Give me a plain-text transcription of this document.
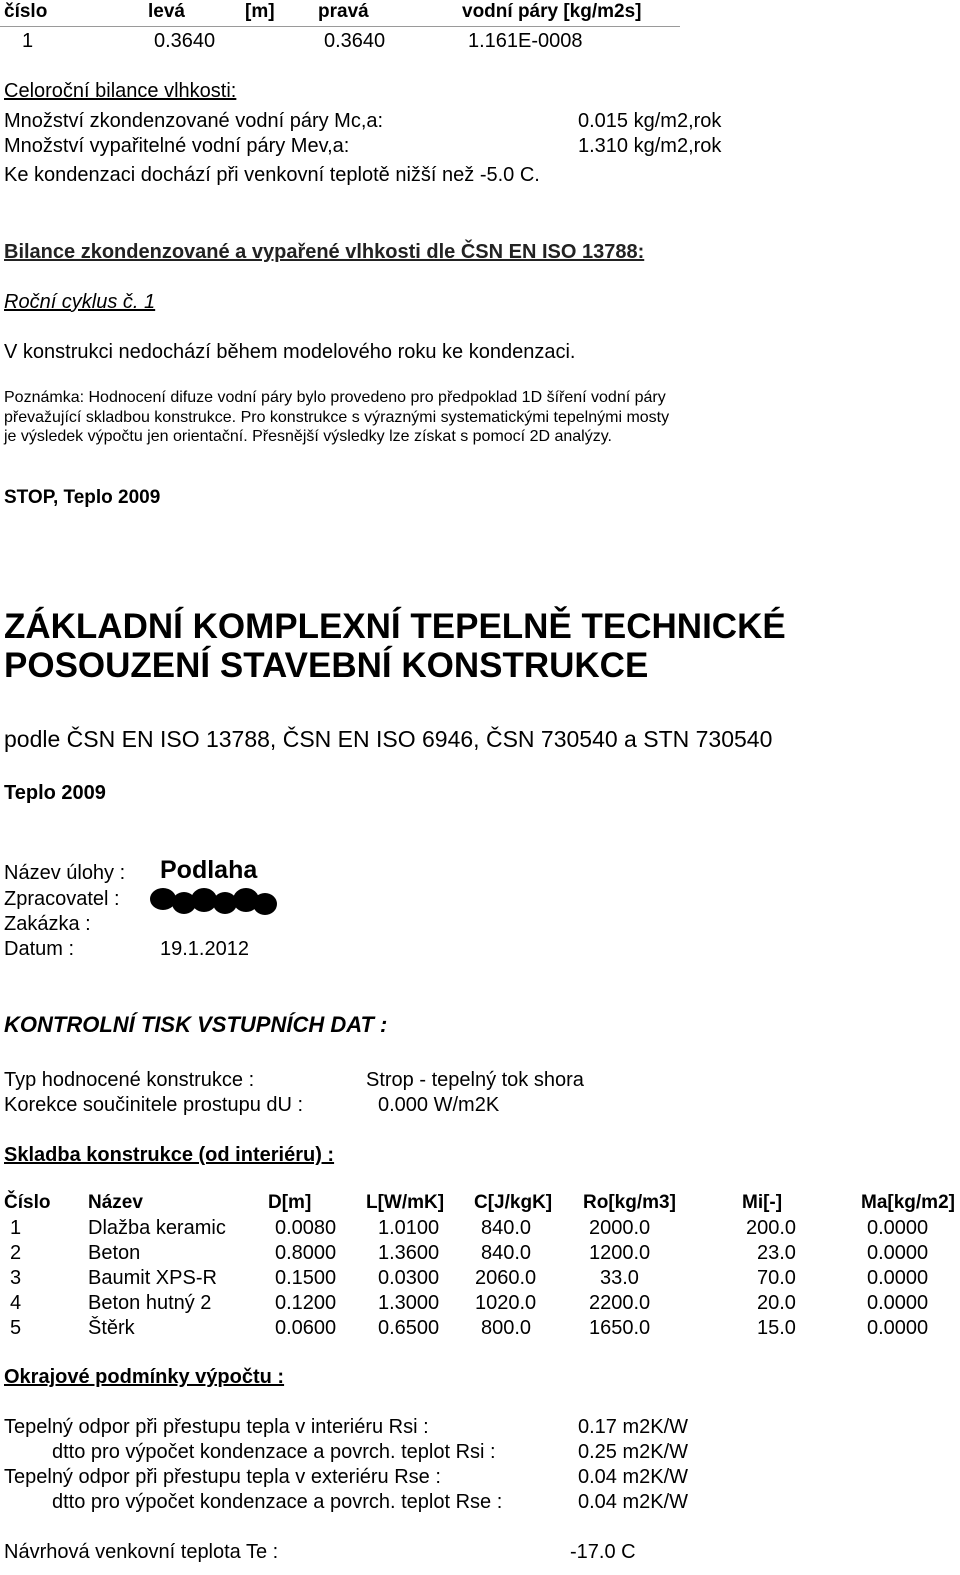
číslo	levá	[m] pravá	vodní páry [kg/m2s]
1	0.3640	0.3640	1.161E-0008
Celoroční bilance vlhkosti:
Množství zkondenzované vodní páry Mc,a:	0.015 kg/m2,rok
Množství vypařitelné vodní páry Mev,a:	1.310 kg/m2,rok
Ke kondenzaci dochází při venkovní teplotě nižší než -5.0 C.
Bilance zkondenzované a vypařené vlhkosti dle ČSN EN ISO 13788:
Roční cyklus č. 1
V konstrukci nedochází během modelového roku ke kondenzaci.
Poznámka: Hodnocení difuze vodní páry bylo provedeno pro předpoklad 1D šíření vodní páry
převažující skladbou konstrukce. Pro konstrukce s výraznými systematickými tepelnými mosty
je výsledek výpočtu jen orientační. Přesnější výsledky lze získat s pomocí 2D analýzy.
STOP, Teplo 2009
ZÁKLADNÍ KOMPLEXNÍ TEPELNĚ TECHNICKÉ
POSOUZENÍ STAVEBNÍ KONSTRUKCE
podle ČSN EN ISO 13788, ČSN EN ISO 6946, ČSN 730540 a STN 730540
Teplo 2009
Název úlohy : Podlaha
Zpracovatel :
Zakázka :
Datum :	19.1.2012
KONTROLNÍ TISK VSTUPNÍCH DAT :
Typ hodnocené konstrukce :	Strop - tepelný tok shora
Korekce součinitele prostupu dU :	0.000 W/m2K
Skladba konstrukce (od interiéru) :
Číslo Název	D[m]	L[W/mK] C[J/kgK] Ro[kg/m3]	Mi[-]	Ma[kg/m2]
1	Dlažba keramic 0.0080 1.0100 840.0	2000.0	200.0	0.0000
2	Beton	0.8000 1.3600 840.0	1200.0	23.0	0.0000
3	Baumit XPS-R	0.1500 0.0300 2060.0	33.0	70.0	0.0000
4	Beton hutný 2	0.1200 1.3000 1020.0	2200.0	20.0	0.0000
5	Štěrk	0.0600 0.6500 800.0	1650.0	15.0	0.0000
Okrajové podmínky výpočtu :
Tepelný odpor při přestupu tepla v interiéru Rsi :	0.17 m2K/W
dtto pro výpočet kondenzace a povrch. teplot Rsi :	0.25 m2K/W
Tepelný odpor při přestupu tepla v exteriéru Rse :	0.04 m2K/W
dtto pro výpočet kondenzace a povrch. teplot Rse :	0.04 m2K/W
Návrhová venkovní teplota Te :	-17.0 C
